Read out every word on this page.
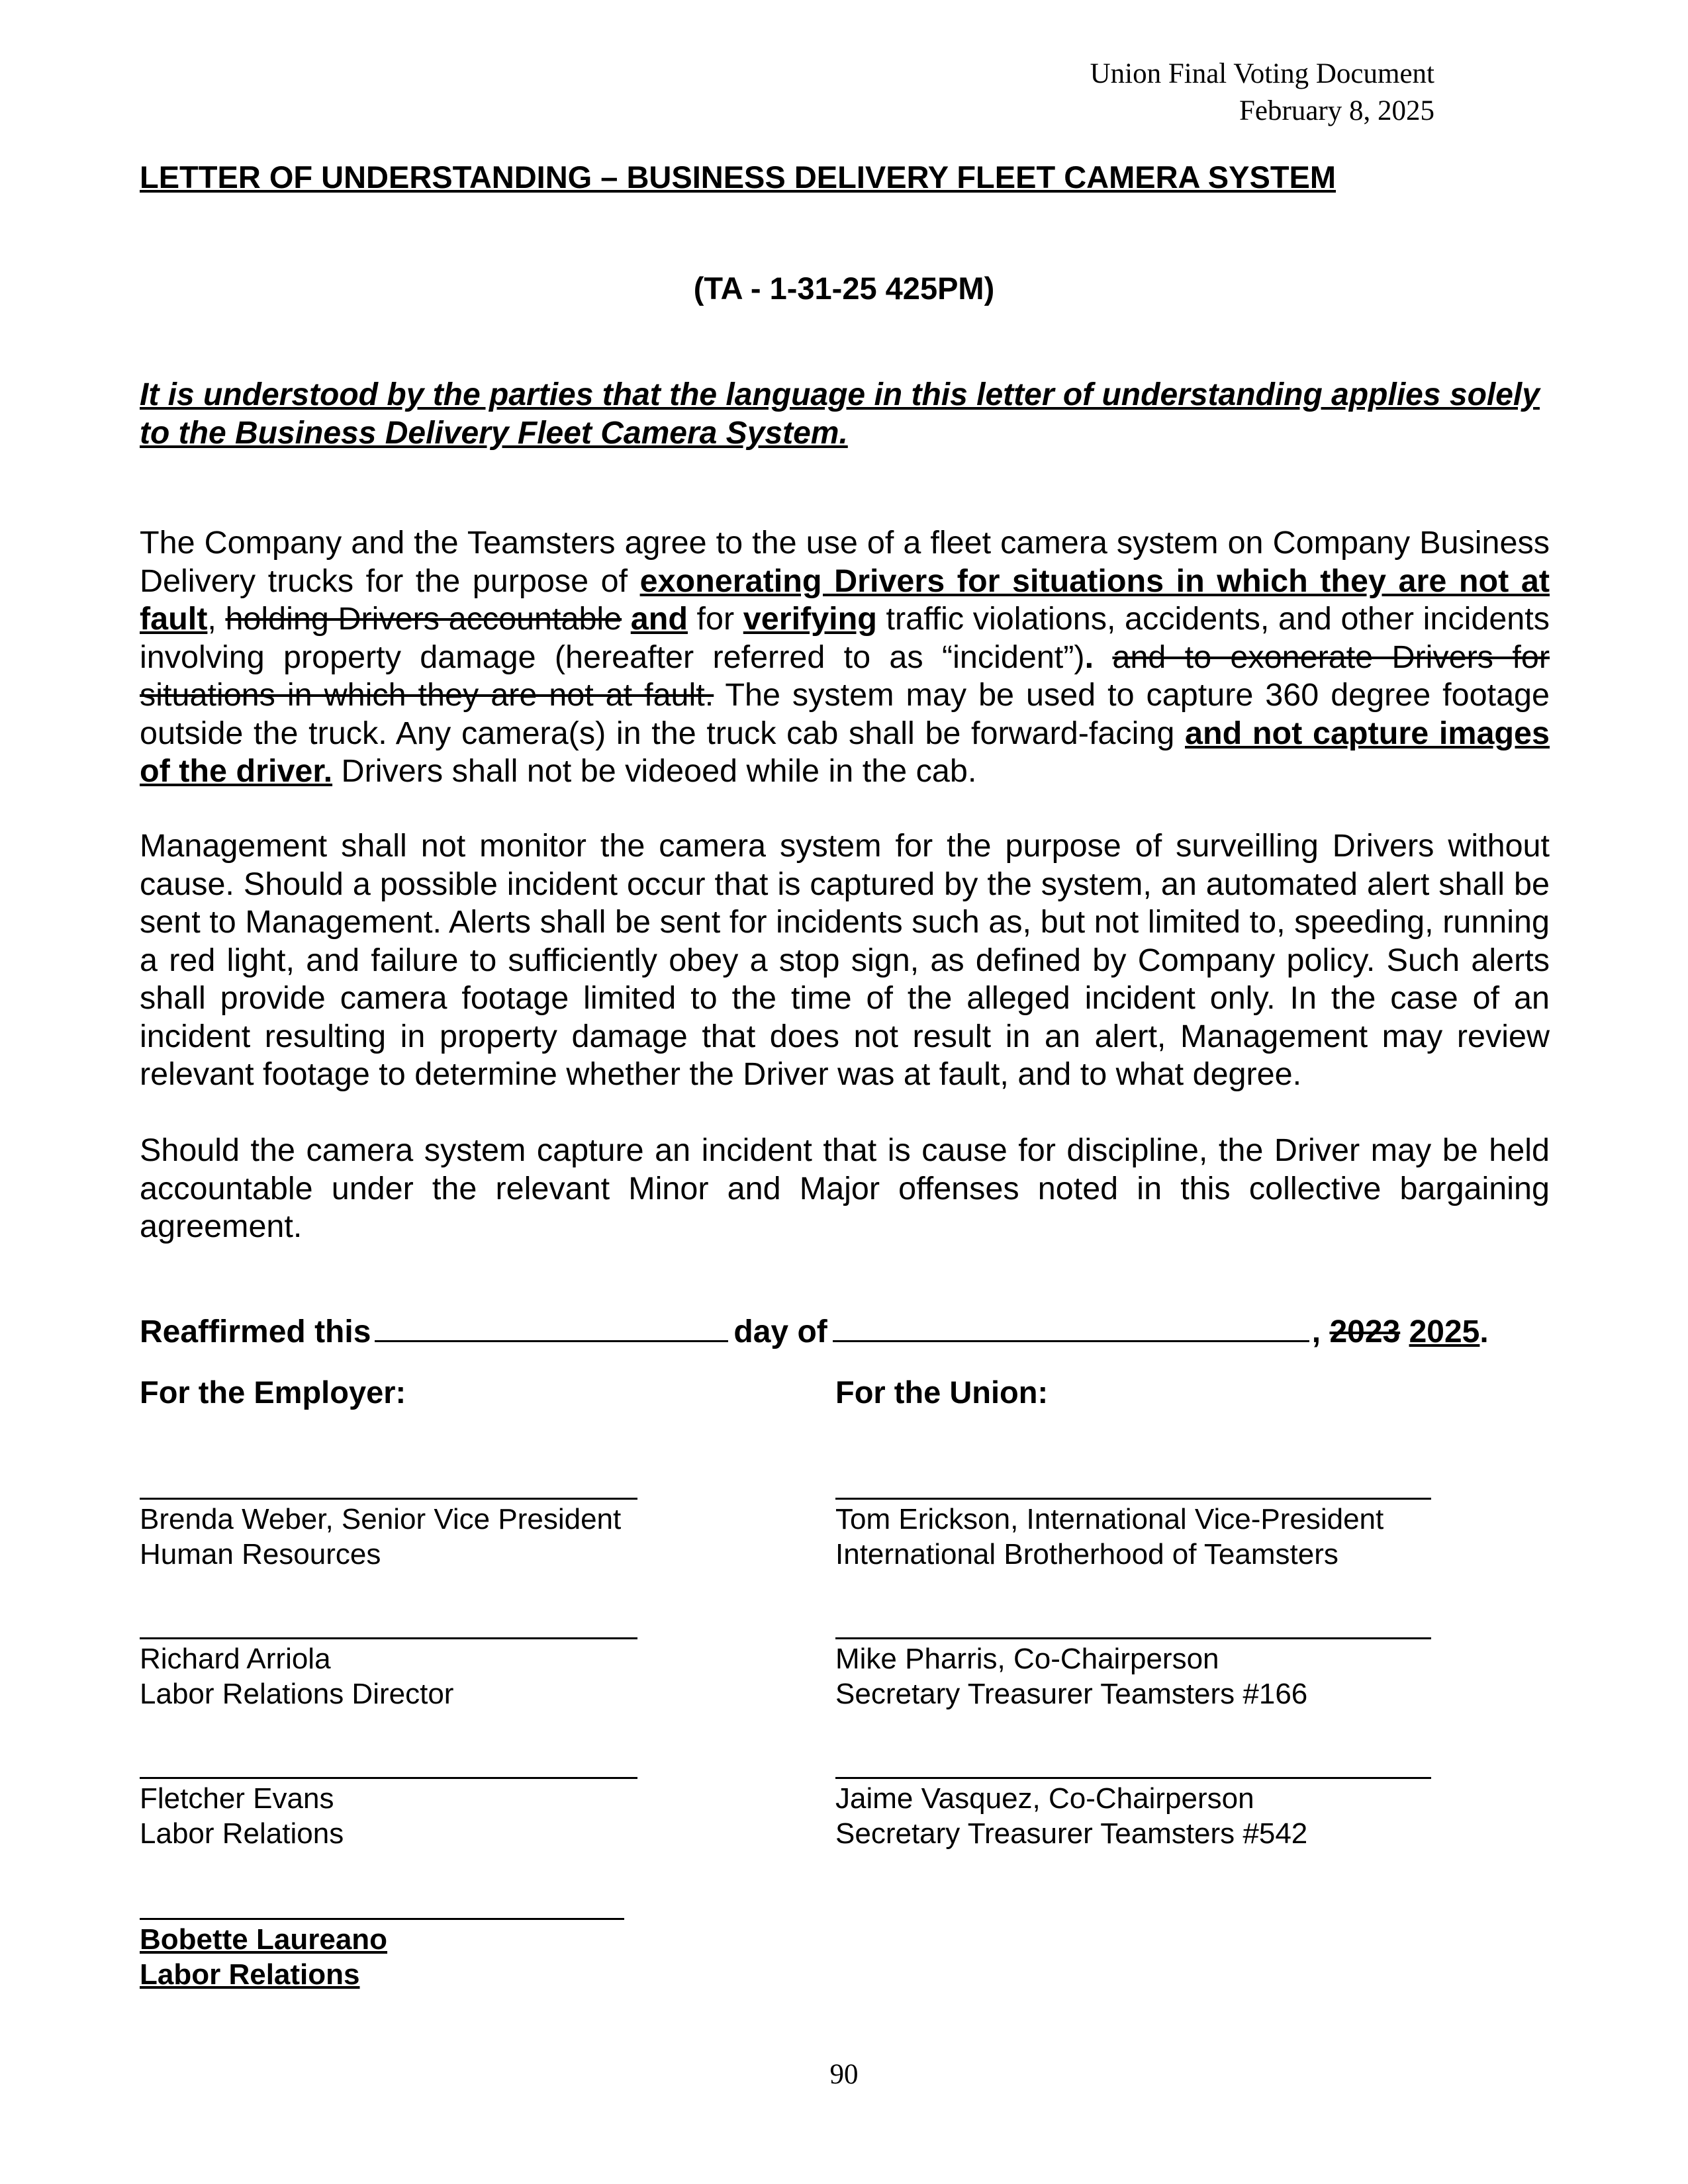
Union Final Voting Document
February 8, 2025
LETTER OF UNDERSTANDING – BUSINESS DELIVERY FLEET CAMERA SYSTEM
(TA - 1-31-25 425PM)
It is understood by the parties that the language in this letter of understanding applies solely to the Business Delivery Fleet Camera System.
The Company and the Teamsters agree to the use of a fleet camera system on Company Business Delivery trucks for the purpose of exonerating Drivers for situations in which they are not at fault, holding Drivers accountable and for verifying traffic violations, accidents, and other incidents involving property damage (hereafter referred to as “incident”). and to exonerate Drivers for situations in which they are not at fault. The system may be used to capture 360 degree footage outside the truck. Any camera(s) in the truck cab shall be forward-facing and not capture images of the driver. Drivers shall not be videoed while in the cab.
Management shall not monitor the camera system for the purpose of surveilling Drivers without cause. Should a possible incident occur that is captured by the system, an automated alert shall be sent to Management. Alerts shall be sent for incidents such as, but not limited to, speeding, running a red light, and failure to sufficiently obey a stop sign, as defined by Company policy. Such alerts shall provide camera footage limited to the time of the alleged incident only. In the case of an incident resulting in property damage that does not result in an alert, Management may review relevant footage to determine whether the Driver was at fault, and to what degree.
Should the camera system capture an incident that is cause for discipline, the Driver may be held accountable under the relevant Minor and Major offenses noted in this collective bargaining agreement.
Reaffirmed this	day of	, 2023 2025.
For the Employer:	For the Union:
Brenda Weber, Senior Vice President
Human Resources
Richard Arriola
Labor Relations Director
Fletcher Evans
Labor Relations
Bobette Laureano
Labor Relations
Tom Erickson, International Vice-President
International Brotherhood of Teamsters
Mike Pharris, Co-Chairperson
Secretary Treasurer Teamsters #166
Jaime Vasquez, Co-Chairperson
Secretary Treasurer Teamsters #542
90
